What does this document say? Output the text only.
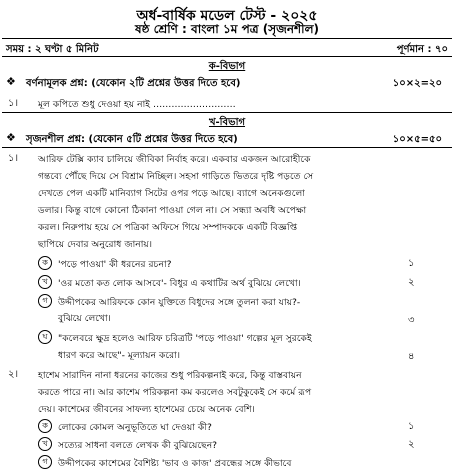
অর্ধ-বার্ষিক মডেল টেস্ট - ২০২৫
ষষ্ঠ শ্রেণি : বাংলা ১ম পত্র (সৃজনশীল)
সময় : ২ ঘণ্টা ৫ মিনিট	পূর্ণমান : ৭০
ক-বিভাগ
❖ বর্ণনামূলক প্রশ্ন: (যেকোন ২টি প্রশ্নের উত্তর দিতে হবে)	১০×২=২০
১। মূল কপিতে শুধু দেওয়া হয় নাই ………………………
খ-বিভাগ
❖ সৃজনশীল প্রশ্ন: (যেকোন ৫টি প্রশ্নের উত্তর দিতে হবে)	১০×৫=৫০
১। আরিফ টেক্সি ক্যাব চালিয়ে জীবিকা নির্বাহ করে। একবার একজন আরোহীকে
গন্তব্যে পৌঁছে দিয়ে সে বিশ্রাম নিচ্ছিল। সহসা গাড়িতে ভিতরে দৃষ্টি পড়তে সে
দেখতে পেল একটি মানিব্যাগ সিটের ওপর পড়ে আছে। ব্যাগে অনেকগুলো
ডলার। কিন্তু বাগে কোনো ঠিকানা পাওয়া গেল না। সে সন্ধ্যা অবধি অপেক্ষা
করল। নিরুপায় হয়ে সে পত্রিকা অফিসে গিয়ে সম্পাদককে একটি বিজ্ঞপ্তি
ছাপিয়ে দেবার অনুরোধ জানায়।
ক	'পড়ে পাওয়া' কী ধরনের রচনা?	১
খ	'ওর মতো কত লোক আসবে'- বিধুর এ কথাটির অর্থ বুঝিয়ে লেখো।	২
গ	উদ্দীপকের আরিফকে কোন যুক্তিতে বিধুদের সঙ্গে তুলনা করা যায়?-
বুঝিয়ে লেখো।	৩
ঘ	"কলেবরে ক্ষুদ্র হলেও আরিফ চরিত্রটি 'পড়ে পাওয়া' গল্পের মূল সুরকেই
ধারণ করে আছে"- মূল্যায়ন করো।	৪
২। হাশেম সারাদিন নানা ধরনের কাজের শুধু পরিকল্পনাই করে, কিন্তু বাস্তবায়ন
করতে পারে না। আর কাশেম পরিকল্পনা কম করলেও সবটুকুকেই সে কর্মে রূপ
দেয়। কাশেমের জীবনের সাফল্য হাশেমের চেয়ে অনেক বেশি।
ক	লোকের কোমল অনুভূতিতে ঘা দেওয়া কী?	১
খ	সত্যের সাধনা বলতে লেখক কী বুঝিয়েছেন?	২
গ	উদ্দীপকের কাশেমের বৈশিষ্ট্য 'ভাব ও কাজ' প্রবন্ধের সঙ্গে কীভাবে
